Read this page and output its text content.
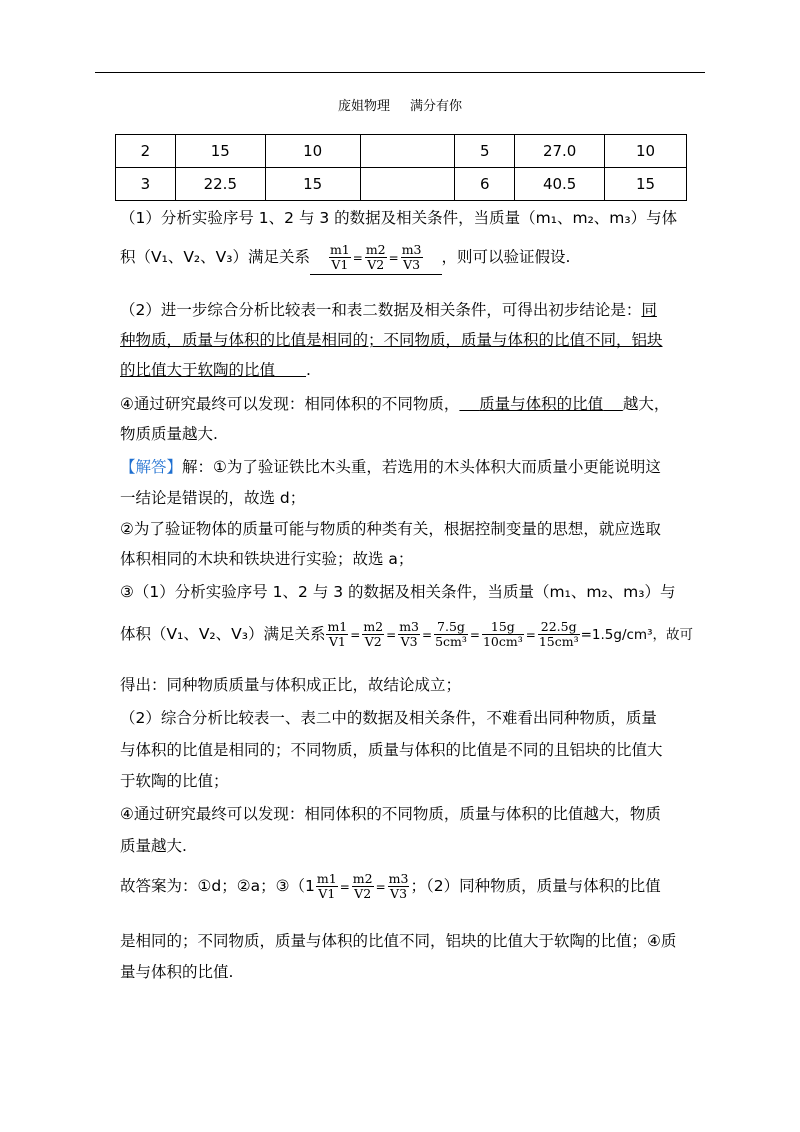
庞姐物理 满分有你
2	15	10		5	27.0	10
3	22.5	15		6	40.5	15
（1）分析实验序号 1、2 与 3 的数据及相关条件，当质量（m₁、m₂、m₃）与体
积（V₁、V₂、V₃）满足关系 $\frac{m1}{V1} = \frac{m2}{V2} = \frac{m3}{V3}$ ，则可以验证假设.
（2）进一步综合分析比较表一和表二数据及相关条件，可得出初步结论是：同
种物质，质量与体积的比值是相同的；不同物质，质量与体积的比值不同，铝块
的比值大于软陶的比值　　 .
④通过研究最终可以发现：相同体积的不同物质， 质量与体积的比值 越大，
物质质量越大.
【解答】解：①为了验证铁比木头重，若选用的木头体积大而质量小更能说明这
一结论是错误的，故选 d；
②为了验证物体的质量可能与物质的种类有关，根据控制变量的思想，就应选取
体积相同的木块和铁块进行实验；故选 a；
③（1）分析实验序号 1、2 与 3 的数据及相关条件，当质量（m₁、m₂、m₃）与
体积（V₁、V₂、V₃）满足关系 $\frac{m1}{V1} = \frac{m2}{V2} = \frac{m3}{V3} = \frac{7.5g}{\text{5cm³}} = \frac{15g}{\text{10cm³}} = \frac{22.5g}{\text{15cm³}} =1.5g/cm^3$，故可
得出：同种物质质量与体积成正比，故结论成立；
（2）综合分析比较表一、表二中的数据及相关条件，不难看出同种物质，质量
与体积的比值是相同的；不同物质，质量与体积的比值是不同的且铝块的比值大
于软陶的比值；
④通过研究最终可以发现：相同体积的不同物质，质量与体积的比值越大，物质
质量越大.
故答案为：①d；②a；③（1 $\frac{m1}{V1} = \frac{m2}{V2} = \frac{m3}{V3}$ ；（2）同种物质，质量与体积的比值
是相同的；不同物质，质量与体积的比值不同，铝块的比值大于软陶的比值；④质
量与体积的比值.
